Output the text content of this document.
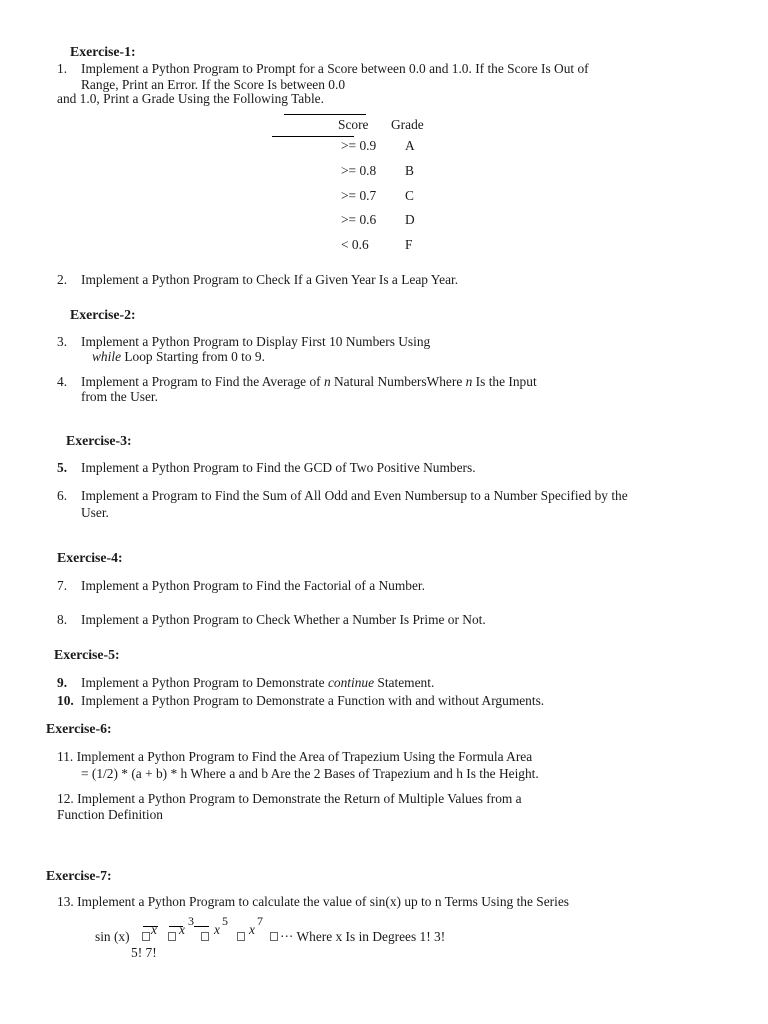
Exercise-1:
1. Implement a Python Program to Prompt for a Score between 0.0 and 1.0. If the Score Is Out of
Range, Print an Error. If the Score Is between 0.0
and 1.0, Print a Grade Using the Following Table.
Score Grade
>= 0.9 A
>= 0.8 B
>= 0.7 C
>= 0.6 D
< 0.6	F
2. Implement a Python Program to Check If a Given Year Is a Leap Year.
Exercise-2:
3. Implement a Python Program to Display First 10 Numbers Using
while Loop Starting from 0 to 9.
4. Implement a Program to Find the Average of n Natural NumbersWhere n Is the Input
from the User.
Exercise-3:
5. Implement a Python Program to Find the GCD of Two Positive Numbers.
6. Implement a Program to Find the Sum of All Odd and Even Numbersup to a Number Specified by the
User.
Exercise-4:
7. Implement a Python Program to Find the Factorial of a Number.
8. Implement a Python Program to Check Whether a Number Is Prime or Not.
Exercise-5:
9. Implement a Python Program to Demonstrate continue Statement.
10. Implement a Python Program to Demonstrate a Function with and without Arguments.
Exercise-6:
11. Implement a Python Program to Find the Area of Trapezium Using the Formula Area
= (1/2) * (a + b) * h Where a and b Are the 2 Bases of Trapezium and h Is the Height.
12. Implement a Python Program to Demonstrate the Return of Multiple Values from a
Function Definition
Exercise-7:
13. Implement a Python Program to calculate the value of sin(x) up to n Terms Using the Series
sin (x) x x
3
x
5
x
7
··· Where x Is in Degrees 1! 3!
5! 7!
